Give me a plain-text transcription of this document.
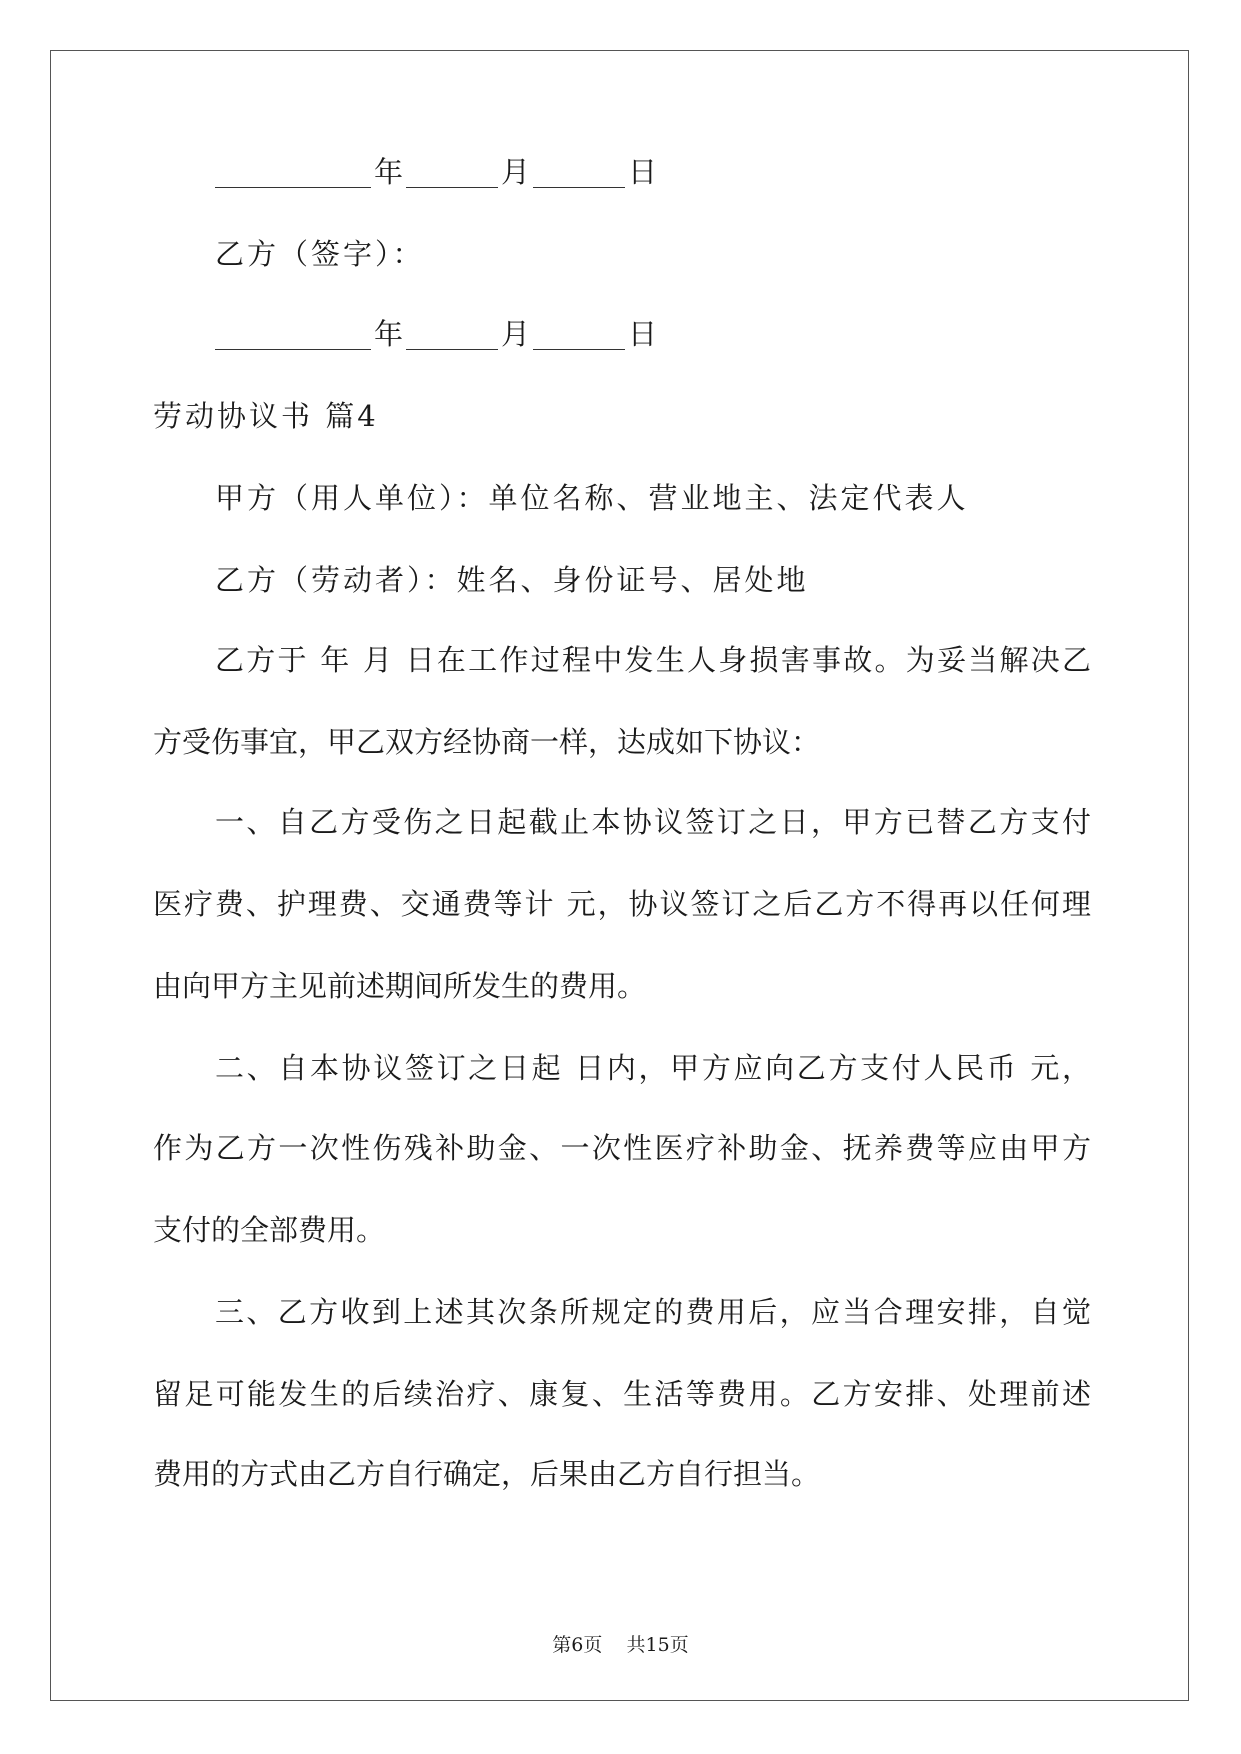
年	月	日
乙方（签字）：
年	月	日
劳动协议书 篇4
甲方（用人单位）：单位名称、营业地主、法定代表人
乙方（劳动者）：姓名、身份证号、居处地
乙方于 年 月 日在工作过程中发生人身损害事故。为妥当解决乙
方受伤事宜，甲乙双方经协商一样，达成如下协议：
一、自乙方受伤之日起截止本协议签订之日，甲方已替乙方支付
医疗费、护理费、交通费等计 元，协议签订之后乙方不得再以任何理
由向甲方主见前述期间所发生的费用。
二、自本协议签订之日起 日内，甲方应向乙方支付人民币 元，
作为乙方一次性伤残补助金、一次性医疗补助金、抚养费等应由甲方
支付的全部费用。
三、乙方收到上述其次条所规定的费用后，应当合理安排，自觉
留足可能发生的后续治疗、康复、生活等费用。乙方安排、处理前述
费用的方式由乙方自行确定，后果由乙方自行担当。
第6页 共15页
